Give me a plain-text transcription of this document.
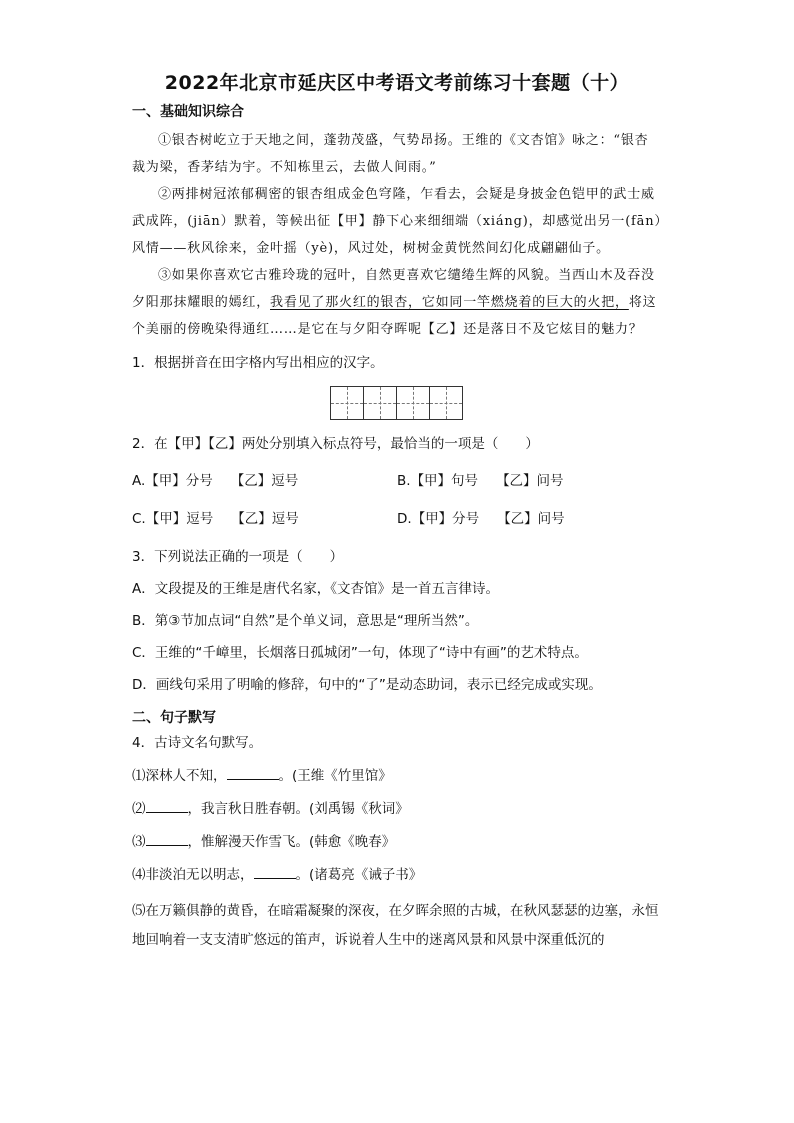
2022年北京市延庆区中考语文考前练习十套题（十）
一、基础知识综合

①银杏树屹立于天地之间，蓬勃茂盛，气势昂扬。王维的《文杏馆》咏之：“银杏裁为梁，香茅结为宇。不知栋里云，去做人间雨。”

②两排树冠浓郁稠密的银杏组成金色穹隆，乍看去，会疑是身披金色铠甲的武士威武成阵，(jiān）默着，等候出征【甲】静下心来细细端（xiáng)，却感觉出另一(fān）风情——秋风徐来，金叶摇（yè)，风过处，树树金黄恍然间幻化成翩翩仙子。

③如果你喜欢它古雅玲珑的冠叶，自然更喜欢它缱绻生辉的风貌。当西山木及吞没夕阳那抹耀眼的嫣红，我看见了那火红的银杏，它如同一竿燃烧着的巨大的火把，将这个美丽的傍晚染得通红……是它在与夕阳夺晖呢【乙】还是落日不及它炫目的魅力？

1．根据拼音在田字格内写出相应的汉字。

2．在【甲】【乙】两处分别填入标点符号，最恰当的一项是（　　）

A.【甲】分号 【乙】逗号	B.【甲】句号 【乙】问号
C.【甲】逗号 【乙】逗号	D.【甲】分号 【乙】问号

3．下列说法正确的一项是（　　）

A．文段提及的王维是唐代名家，《文杏馆》是一首五言律诗。

B．第③节加点词“自然”是个单义词，意思是“理所当然”。

C．王维的“千嶂里，长烟落日孤城闭”一句，体现了“诗中有画”的艺术特点。

D．画线句采用了明喻的修辞，句中的“了”是动态助词，表示已经完成或实现。

二、句子默写

4．古诗文名句默写。

⑴深林人不知，	。(王维《竹里馆》

⑵	，我言秋日胜春朝。(刘禹锡《秋词》

⑶	，惟解漫天作雪飞。(韩愈《晚春》

⑷非淡泊无以明志，	。(诸葛亮《诫子书》

⑸在万籁俱静的黄昏，在暗霜凝聚的深夜，在夕晖余照的古城，在秋风瑟瑟的边塞，永恒地回响着一支支清旷悠远的笛声，诉说着人生中的迷离风景和风景中深重低沉的
